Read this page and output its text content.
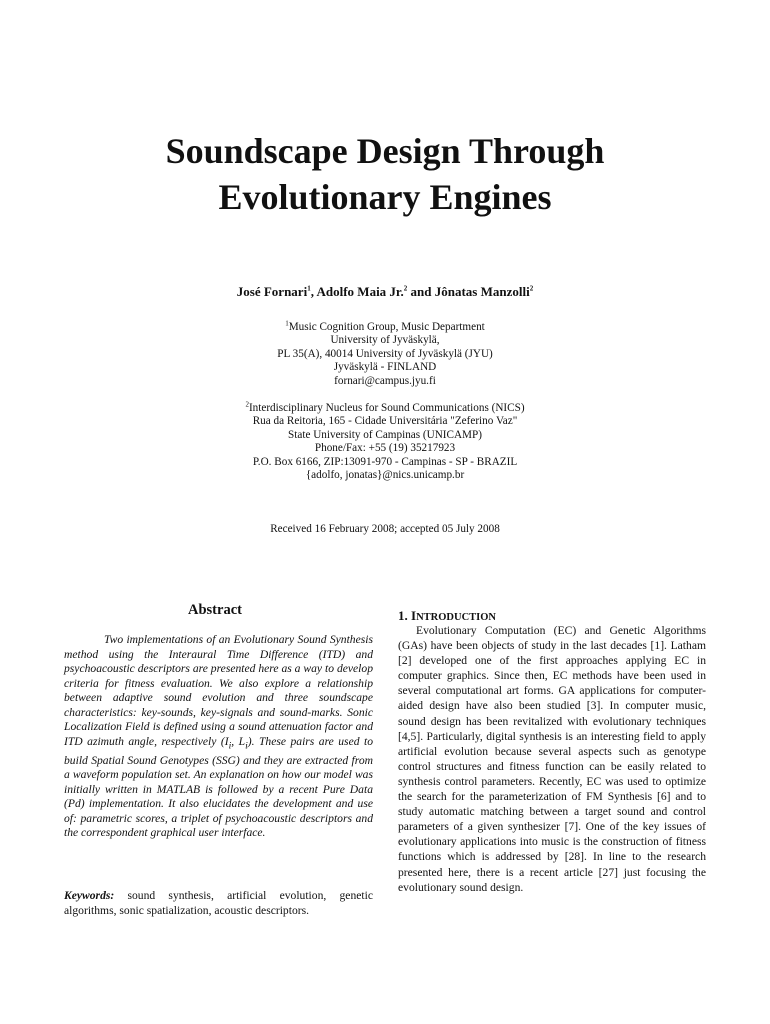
Soundscape Design Through
Evolutionary Engines
José Fornari$^1$, Adolfo Maia Jr.$^2$ and Jônatas Manzolli$^2$
$^1$Music Cognition Group, Music Department
University of Jyväskylä,
PL 35(A), 40014 University of Jyväskylä (JYU)
Jyväskylä - FINLAND
fornari@campus.jyu.fi
$^2$Interdisciplinary Nucleus for Sound Communications (NICS)
Rua da Reitoria, 165 - Cidade Universitária "Zeferino Vaz"
State University of Campinas (UNICAMP)
Phone/Fax: +55 (19) 35217923
P.O. Box 6166, ZIP:13091-970 - Campinas - SP - BRAZIL
{adolfo, jonatas}@nics.unicamp.br
Received 16 February 2008; accepted 05 July 2008
Abstract
Two implementations of an Evolutionary Sound Synthesis method using the Interaural Time Difference (ITD) and psychoacoustic descriptors are presented here as a way to develop criteria for fitness evaluation. We also explore a relationship between adaptive sound evolution and three soundscape characteristics: key-sounds, key-signals and sound-marks. Sonic Localization Field is defined using a sound attenuation factor and ITD azimuth angle, respectively ($I_i$, $L_i$). These pairs are used to build Spatial Sound Genotypes (SSG) and they are extracted from a waveform population set. An explanation on how our model was initially written in MATLAB is followed by a recent Pure Data (Pd) implementation. It also elucidates the development and use of: parametric scores, a triplet of psychoacoustic descriptors and the correspondent graphical user interface.
Keywords: sound synthesis, artificial evolution, genetic algorithms, sonic spatialization, acoustic descriptors.
1. INTRODUCTION
Evolutionary Computation (EC) and Genetic Algorithms (GAs) have been objects of study in the last decades [1]. Latham [2] developed one of the first approaches applying EC in computer graphics. Since then, EC methods have been used in several computational art forms. GA applications for computer-aided design have also been studied [3]. In computer music, sound design has been revitalized with evolutionary techniques [4,5]. Particularly, digital synthesis is an interesting field to apply artificial evolution because several aspects such as genotype control structures and fitness function can be easily related to synthesis control parameters. Recently, EC was used to optimize the search for the parameterization of FM Synthesis [6] and to study automatic matching between a target sound and control parameters of a given synthesizer [7]. One of the key issues of evolutionary applications into music is the construction of fitness functions which is addressed by [28]. In line to the research presented here, there is a recent article [27] just focusing the evolutionary sound design.
